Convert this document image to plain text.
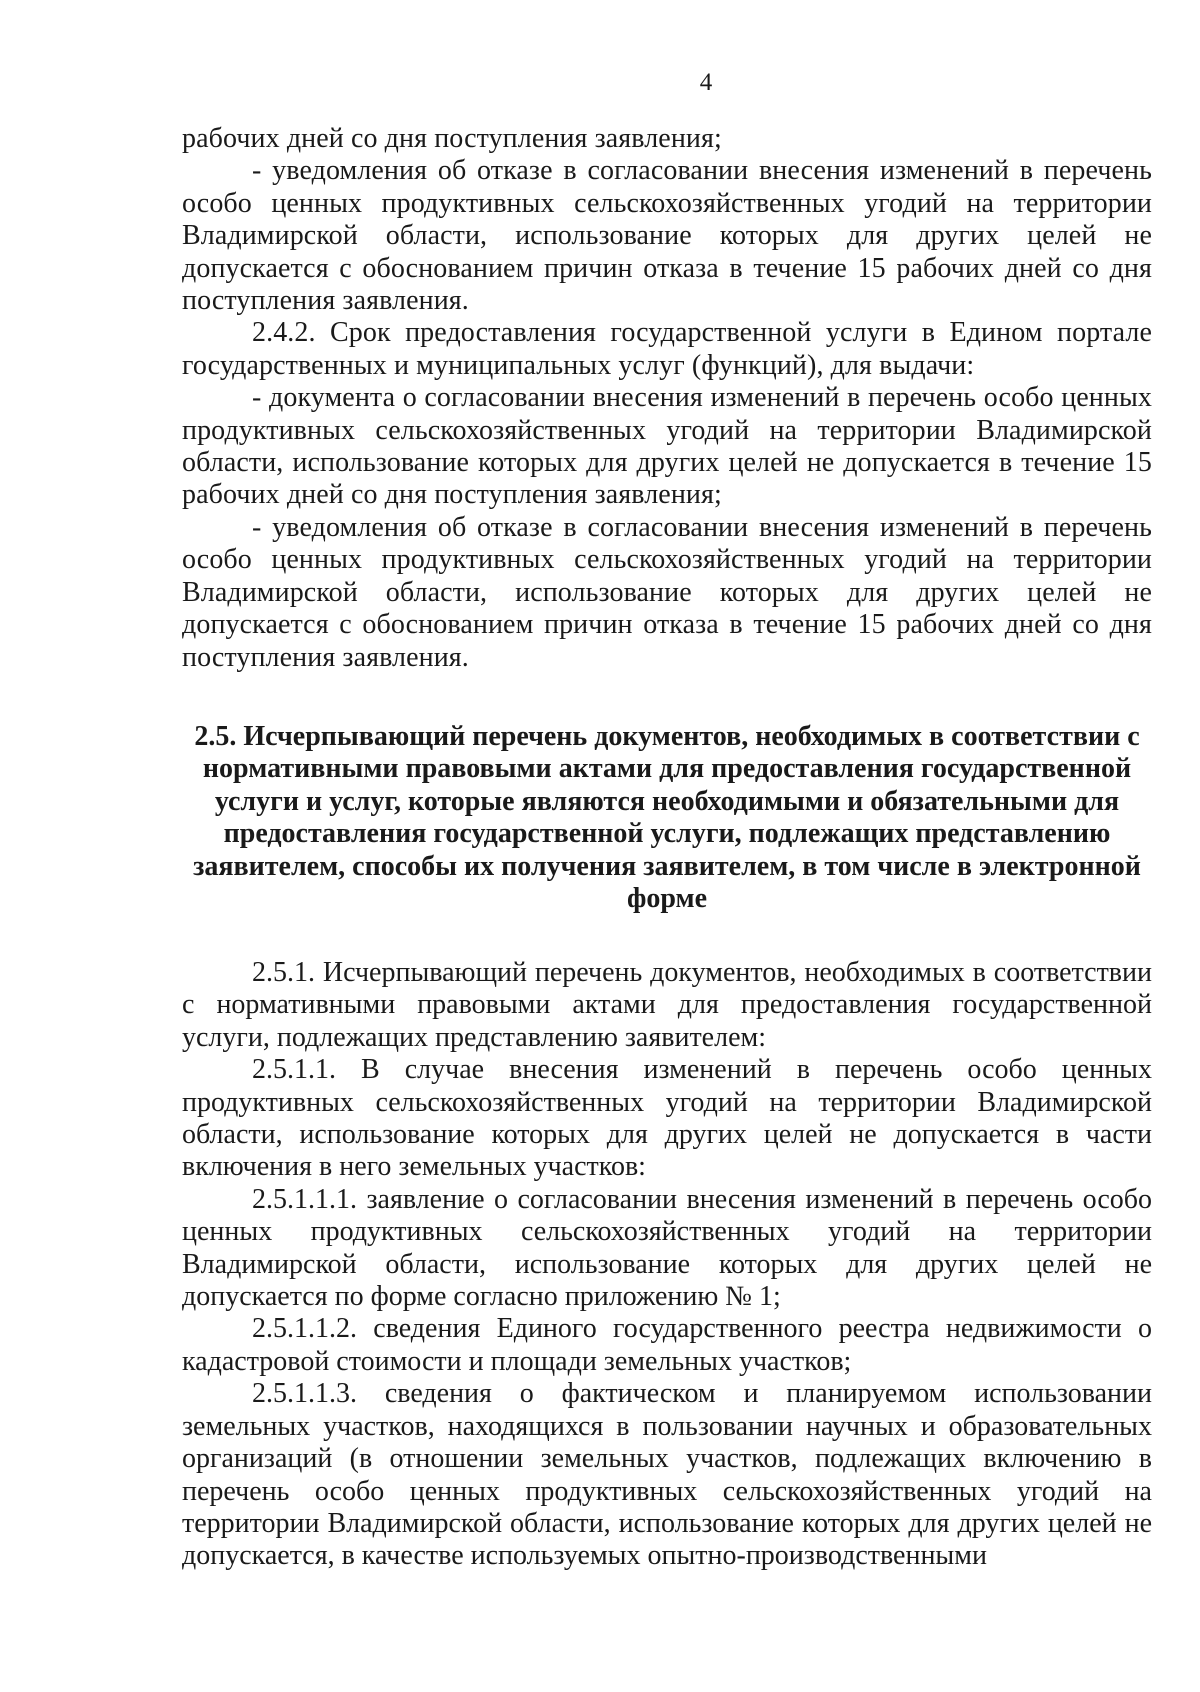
4

рабочих дней со дня поступления заявления;

- уведомления об отказе в согласовании внесения изменений в перечень особо ценных продуктивных сельскохозяйственных угодий на территории Владимирской области, использование которых для других целей не допускается с обоснованием причин отказа в течение 15 рабочих дней со дня поступления заявления.

2.4.2. Срок предоставления государственной услуги в Едином портале государственных и муниципальных услуг (функций), для выдачи:

- документа о согласовании внесения изменений в перечень особо ценных продуктивных сельскохозяйственных угодий на территории Владимирской области, использование которых для других целей не допускается в течение 15 рабочих дней со дня поступления заявления;

- уведомления об отказе в согласовании внесения изменений в перечень особо ценных продуктивных сельскохозяйственных угодий на территории Владимирской области, использование которых для других целей не допускается с обоснованием причин отказа в течение 15 рабочих дней со дня поступления заявления.

2.5. Исчерпывающий перечень документов, необходимых в соответствии с нормативными правовыми актами для предоставления государственной услуги и услуг, которые являются необходимыми и обязательными для предоставления государственной услуги, подлежащих представлению заявителем, способы их получения заявителем, в том числе в электронной форме

2.5.1. Исчерпывающий перечень документов, необходимых в соответствии с нормативными правовыми актами для предоставления государственной услуги, подлежащих представлению заявителем:

2.5.1.1. В случае внесения изменений в перечень особо ценных продуктивных сельскохозяйственных угодий на территории Владимирской области, использование которых для других целей не допускается в части включения в него земельных участков:

2.5.1.1.1. заявление о согласовании внесения изменений в перечень особо ценных продуктивных сельскохозяйственных угодий на территории Владимирской области, использование которых для других целей не допускается по форме согласно приложению № 1;

2.5.1.1.2. сведения Единого государственного реестра недвижимости о кадастровой стоимости и площади земельных участков;

2.5.1.1.3. сведения о фактическом и планируемом использовании земельных участков, находящихся в пользовании научных и образовательных организаций (в отношении земельных участков, подлежащих включению в перечень особо ценных продуктивных сельскохозяйственных угодий на территории Владимирской области, использование которых для других целей не допускается, в качестве используемых опытно-производственными
